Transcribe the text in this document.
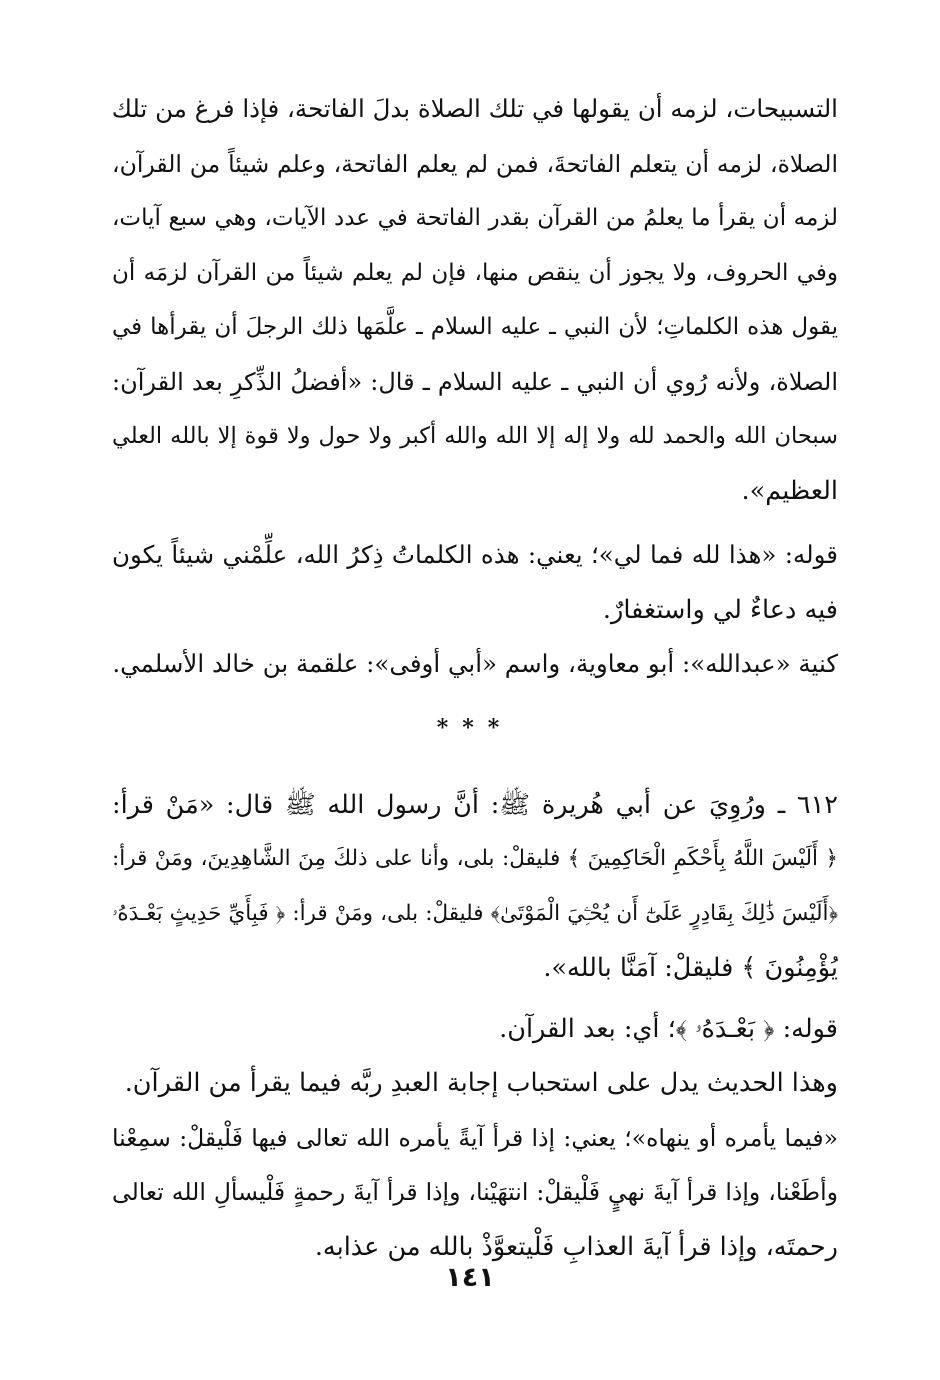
التسبيحات، لزمه أن يقولها في تلك الصلاة بدلَ الفاتحة، فإذا فرغ من تلك
الصلاة، لزمه أن يتعلم الفاتحةَ، فمن لم يعلم الفاتحة، وعلم شيئاً من القرآن،
لزمه أن يقرأ ما يعلمُ من القرآن بقدر الفاتحة في عدد الآيات، وهي سبع آيات،
وفي الحروف، ولا يجوز أن ينقص منها، فإن لم يعلم شيئاً من القرآن لزمَه أن
يقول هذه الكلماتِ؛ لأن النبي ـ عليه السلام ـ علَّمَها ذلك الرجلَ أن يقرأها في
الصلاة، ولأنه رُوي أن النبي ـ عليه السلام ـ قال: «أفضلُ الذِّكرِ بعد القرآن:
سبحان الله والحمد لله ولا إله إلا الله والله أكبر ولا حول ولا قوة إلا بالله العلي
العظيم».
قوله: «هذا لله فما لي»؛ يعني: هذه الكلماتُ ذِكرُ الله، علِّمْني شيئاً يكون
فيه دعاءٌ لي واستغفارٌ.
كنية «عبدالله»: أبو معاوية، واسم «أبي أوفى»: علقمة بن خالد الأسلمي.
***
٦١٢ ـ ورُوِيَ عن أبي هُريرة ﷺ: أنَّ رسول الله ﷺ قال: «مَنْ قرأ:
﴿ أَلَيْسَ اللَّهُ بِأَحْكَمِ الْحَاكِمِينَ ﴾ فليقلْ: بلى، وأنا على ذلكَ مِنَ الشَّاهِدِينَ، ومَنْ قرأ:
﴿أَلَيْسَ ذَٰلِكَ بِقَادِرٍ عَلَىٰٓ أَن يُحْـِۧيَ الْمَوْتَىٰ﴾ فليقلْ: بلى، ومَنْ قرأ: ﴿ فَبِأَيِّ حَدِيثٍ بَعْـدَهُۥ
يُؤْمِنُونَ ﴾ فليقلْ: آمَنَّا بالله».
قوله: ﴿ بَعْـدَهُۥ ﴾؛ أي: بعد القرآن.
وهذا الحديث يدل على استحباب إجابة العبدِ ربَّه فيما يقرأ من القرآن.
«فيما يأمره أو ينهاه»؛ يعني: إذا قرأ آيةً يأمره الله تعالى فيها فَلْيقلْ: سمِعْنا
وأطَعْنا، وإذا قرأ آيةَ نهيٍ فَلْيقلْ: انتهَيْنا، وإذا قرأ آيةَ رحمةٍ فَلْيسألِ الله تعالى
رحمتَه، وإذا قرأ آيةَ العذابِ فَلْيتعوَّذْ بالله من عذابه.
١٤١
